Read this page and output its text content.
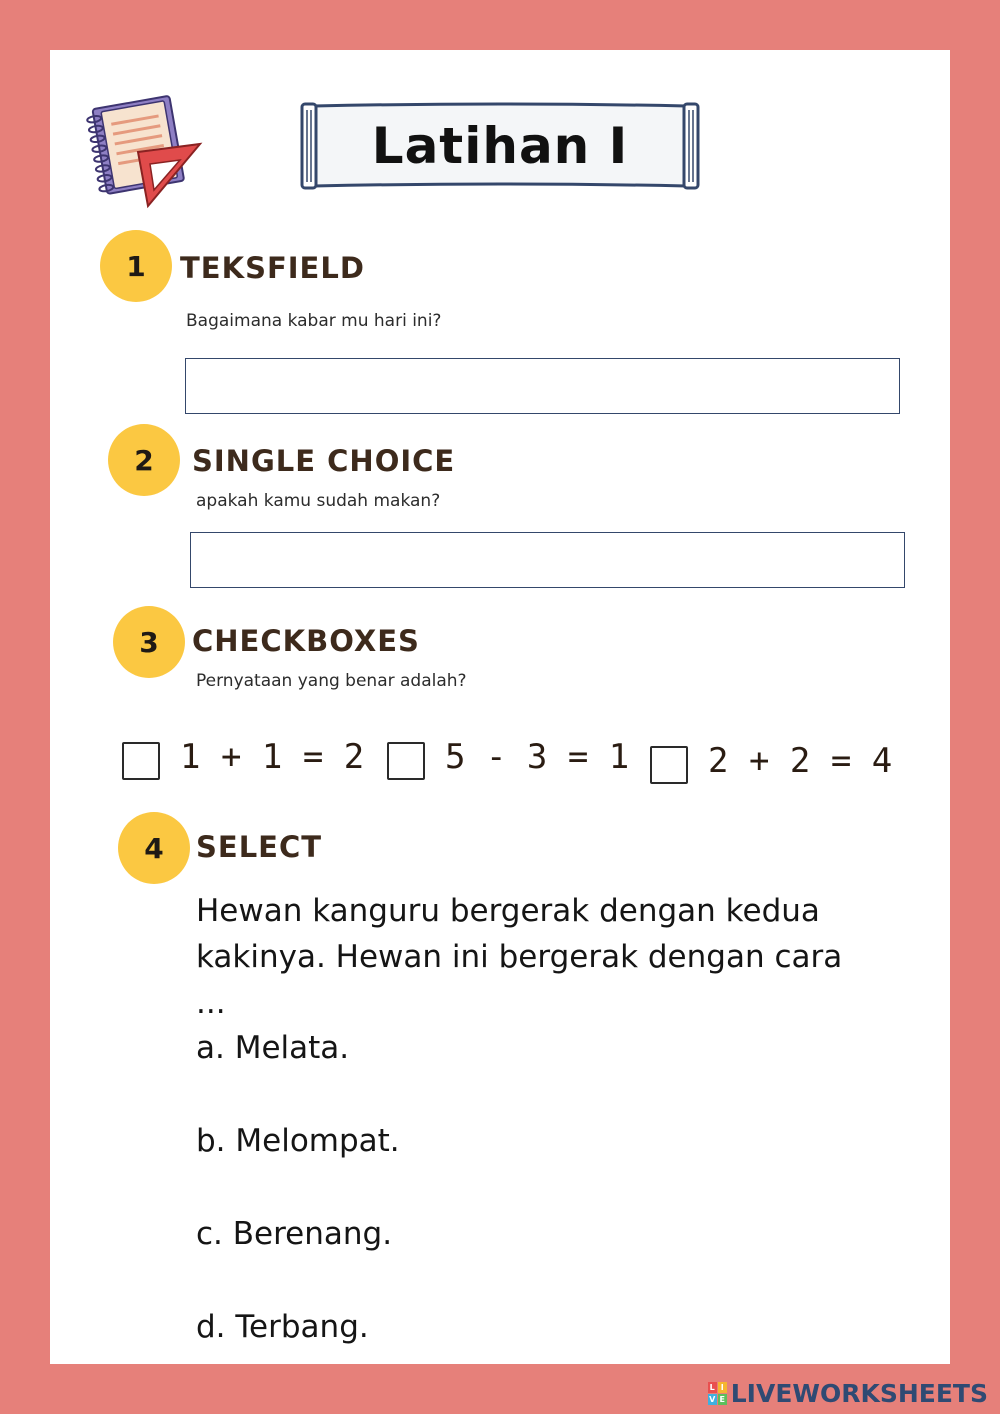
Latihan I
1	TEKSFIELD
Bagaimana kabar mu hari ini?
2	SINGLE CHOICE
apakah kamu sudah makan?
3	CHECKBOXES
Pernyataan yang benar adalah?
1 + 1 = 2 5 - 3 = 1 2 + 2 = 4
4	SELECT
Hewan kanguru bergerak dengan kedua kakinya. Hewan ini bergerak dengan cara ...
a. Melata.
b. Melompat.
c. Berenang.
d. Terbang.
L I
V E LIVEWORKSHEETS
